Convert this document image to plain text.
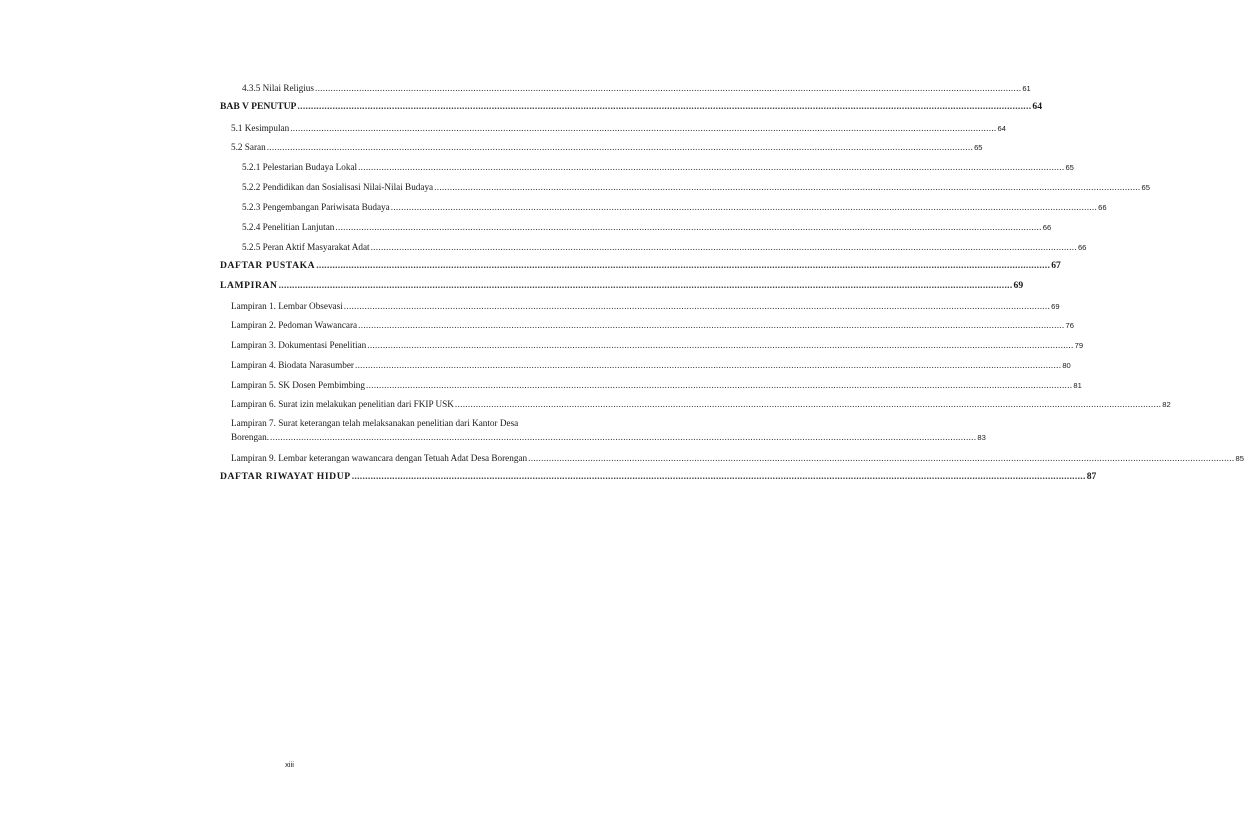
4.3.5 Nilai Religius .....	61
BAB V PENUTUP .....	64
5.1 Kesimpulan .....	64
5.2 Saran .....	65
5.2.1 Pelestarian Budaya Lokal .....	65
5.2.2 Pendidikan dan Sosialisasi Nilai-Nilai Budaya .....	65
5.2.3 Pengembangan Pariwisata Budaya .....	66
5.2.4 Penelitian Lanjutan .....	66
5.2.5 Peran Aktif Masyarakat Adat .....	66
DAFTAR PUSTAKA .....	67
LAMPIRAN .....	69
Lampiran 1. Lembar Obsevasi .....	69
Lampiran 2. Pedoman Wawancara .....	76
Lampiran 3. Dokumentasi Penelitian .....	79
Lampiran 4. Biodata Narasumber .....	80
Lampiran 5. SK Dosen Pembimbing .....	81
Lampiran 6. Surat izin melakukan penelitian dari FKIP USK .....	82
Lampiran 7. Surat keterangan telah melaksanakan penelitian dari Kantor Desa
Borengan. .....	83
Lampiran 9. Lembar keterangan wawancara dengan Tetuah Adat Desa Borengan .....	85
DAFTAR RIWAYAT HIDUP .....	87
xiii
